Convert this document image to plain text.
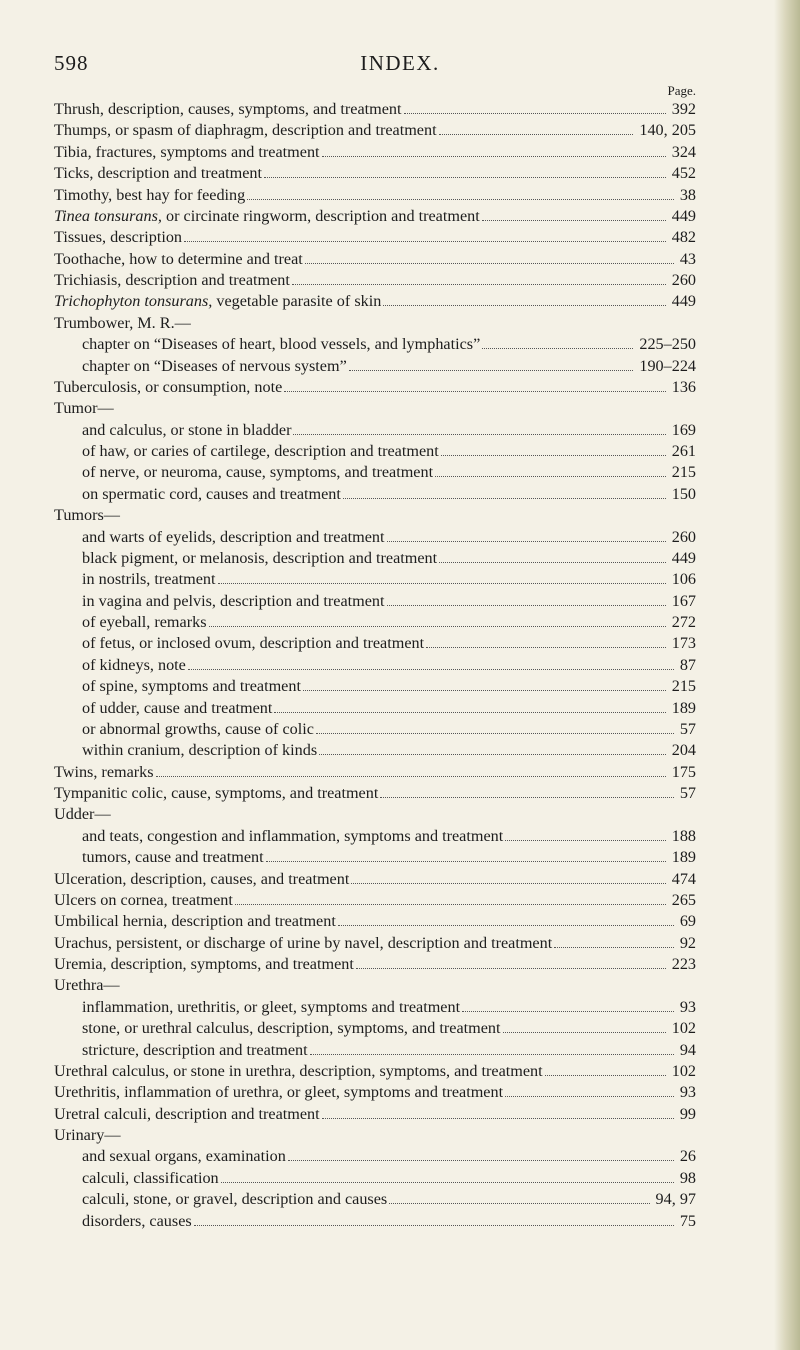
598	INDEX.
Page.
Thrush, description, causes, symptoms, and treatment	392
Thumps, or spasm of diaphragm, description and treatment	140, 205
Tibia, fractures, symptoms and treatment	324
Ticks, description and treatment	452
Timothy, best hay for feeding	38
Tinea tonsurans, or circinate ringworm, description and treatment	449
Tissues, description	482
Toothache, how to determine and treat	43
Trichiasis, description and treatment	260
Trichophyton tonsurans, vegetable parasite of skin	449
Trumbower, M. R.—
chapter on “Diseases of heart, blood vessels, and lymphatics”	225–250
chapter on “Diseases of nervous system”	190–224
Tuberculosis, or consumption, note	136
Tumor—
and calculus, or stone in bladder	169
of haw, or caries of cartilege, description and treatment	261
of nerve, or neuroma, cause, symptoms, and treatment	215
on spermatic cord, causes and treatment	150
Tumors—
and warts of eyelids, description and treatment	260
black pigment, or melanosis, description and treatment	449
in nostrils, treatment	106
in vagina and pelvis, description and treatment	167
of eyeball, remarks	272
of fetus, or inclosed ovum, description and treatment	173
of kidneys, note	87
of spine, symptoms and treatment	215
of udder, cause and treatment	189
or abnormal growths, cause of colic	57
within cranium, description of kinds	204
Twins, remarks	175
Tympanitic colic, cause, symptoms, and treatment	57
Udder—
and teats, congestion and inflammation, symptoms and treatment	188
tumors, cause and treatment	189
Ulceration, description, causes, and treatment	474
Ulcers on cornea, treatment	265
Umbilical hernia, description and treatment	69
Urachus, persistent, or discharge of urine by navel, description and treatment	92
Uremia, description, symptoms, and treatment	223
Urethra—
inflammation, urethritis, or gleet, symptoms and treatment	93
stone, or urethral calculus, description, symptoms, and treatment	102
stricture, description and treatment	94
Urethral calculus, or stone in urethra, description, symptoms, and treatment	102
Urethritis, inflammation of urethra, or gleet, symptoms and treatment	93
Uretral calculi, description and treatment	99
Urinary—
and sexual organs, examination	26
calculi, classification	98
calculi, stone, or gravel, description and causes	94, 97
disorders, causes	75
